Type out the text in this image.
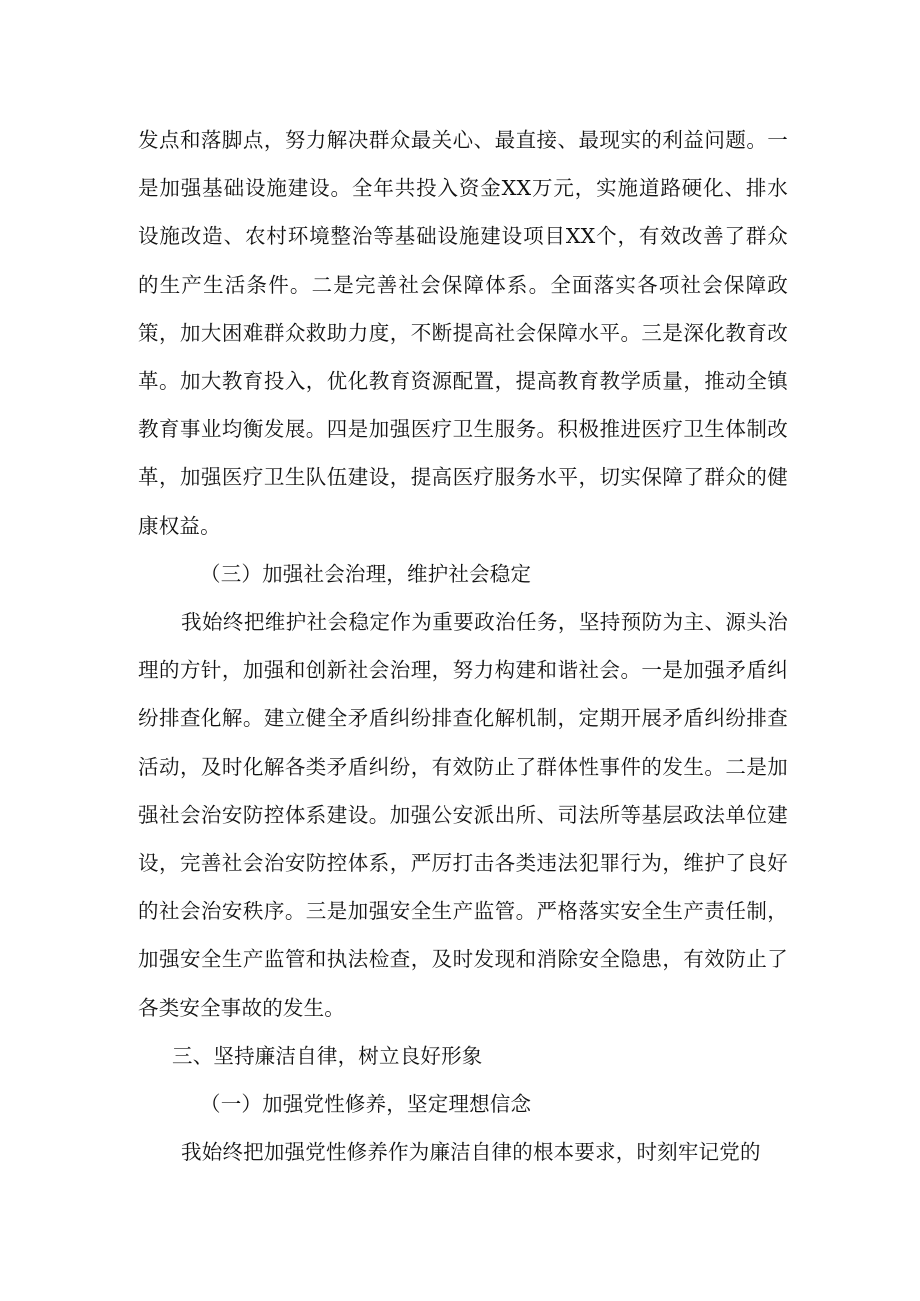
发点和落脚点，努力解决群众最关心、最直接、最现实的利益问题。一是加强基础设施建设。全年共投入资金XX万元，实施道路硬化、排水设施改造、农村环境整治等基础设施建设项目XX个，有效改善了群众的生产生活条件。二是完善社会保障体系。全面落实各项社会保障政策，加大困难群众救助力度，不断提高社会保障水平。三是深化教育改革。加大教育投入，优化教育资源配置，提高教育教学质量，推动全镇教育事业均衡发展。四是加强医疗卫生服务。积极推进医疗卫生体制改革，加强医疗卫生队伍建设，提高医疗服务水平，切实保障了群众的健康权益。

（三）加强社会治理，维护社会稳定

我始终把维护社会稳定作为重要政治任务，坚持预防为主、源头治理的方针，加强和创新社会治理，努力构建和谐社会。一是加强矛盾纠纷排查化解。建立健全矛盾纠纷排查化解机制，定期开展矛盾纠纷排查活动，及时化解各类矛盾纠纷，有效防止了群体性事件的发生。二是加强社会治安防控体系建设。加强公安派出所、司法所等基层政法单位建设，完善社会治安防控体系，严厉打击各类违法犯罪行为，维护了良好的社会治安秩序。三是加强安全生产监管。严格落实安全生产责任制，加强安全生产监管和执法检查，及时发现和消除安全隐患，有效防止了各类安全事故的发生。

三、坚持廉洁自律，树立良好形象

（一）加强党性修养，坚定理想信念

我始终把加强党性修养作为廉洁自律的根本要求，时刻牢记党的
